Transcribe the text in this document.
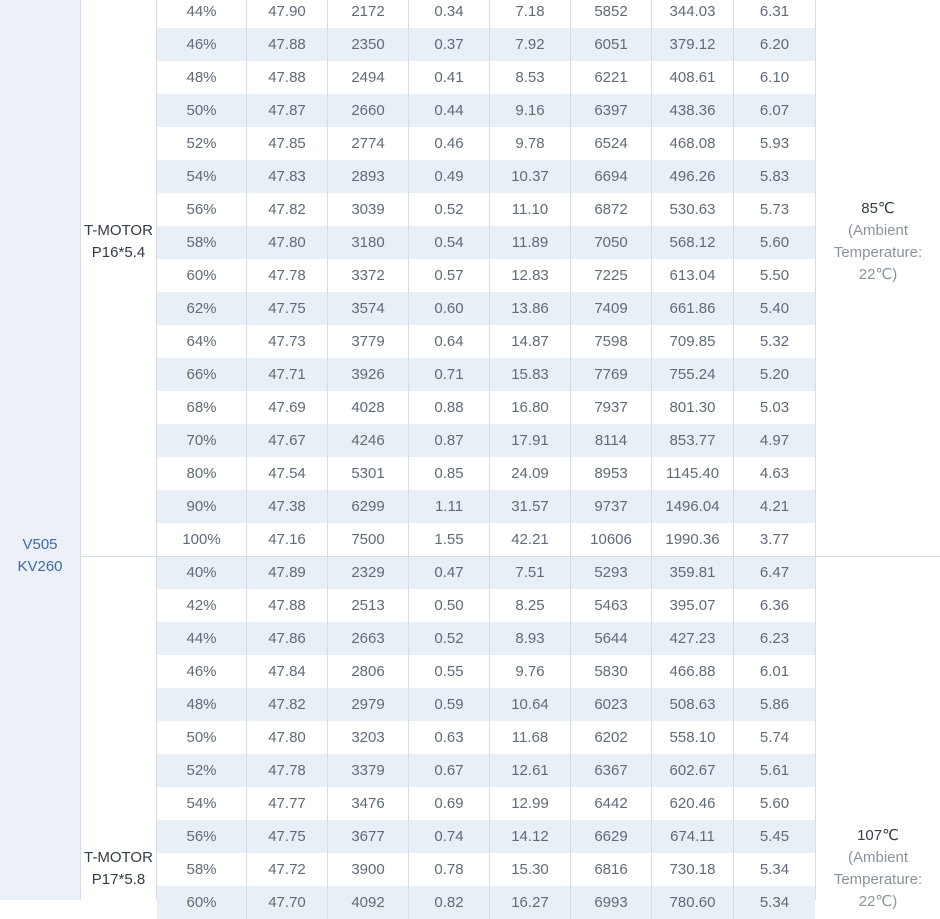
V505
KV260
T-MOTOR
P16*5.4
T-MOTOR
P17*5.8
85℃
(Ambient
Temperature:
22℃)
107℃
(Ambient
Temperature:
22℃)
44%	47.90	2172	0.34	7.18	5852	344.03	6.31
46%	47.88	2350	0.37	7.92	6051	379.12	6.20
48%	47.88	2494	0.41	8.53	6221	408.61	6.10
50%	47.87	2660	0.44	9.16	6397	438.36	6.07
52%	47.85	2774	0.46	9.78	6524	468.08	5.93
54%	47.83	2893	0.49	10.37	6694	496.26	5.83
56%	47.82	3039	0.52	11.10	6872	530.63	5.73
58%	47.80	3180	0.54	11.89	7050	568.12	5.60
60%	47.78	3372	0.57	12.83	7225	613.04	5.50
62%	47.75	3574	0.60	13.86	7409	661.86	5.40
64%	47.73	3779	0.64	14.87	7598	709.85	5.32
66%	47.71	3926	0.71	15.83	7769	755.24	5.20
68%	47.69	4028	0.88	16.80	7937	801.30	5.03
70%	47.67	4246	0.87	17.91	8114	853.77	4.97
80%	47.54	5301	0.85	24.09	8953	1145.40	4.63
90%	47.38	6299	1.11	31.57	9737	1496.04	4.21
100%	47.16	7500	1.55	42.21	10606	1990.36	3.77
40%	47.89	2329	0.47	7.51	5293	359.81	6.47
42%	47.88	2513	0.50	8.25	5463	395.07	6.36
44%	47.86	2663	0.52	8.93	5644	427.23	6.23
46%	47.84	2806	0.55	9.76	5830	466.88	6.01
48%	47.82	2979	0.59	10.64	6023	508.63	5.86
50%	47.80	3203	0.63	11.68	6202	558.10	5.74
52%	47.78	3379	0.67	12.61	6367	602.67	5.61
54%	47.77	3476	0.69	12.99	6442	620.46	5.60
56%	47.75	3677	0.74	14.12	6629	674.11	5.45
58%	47.72	3900	0.78	15.30	6816	730.18	5.34
60%	47.70	4092	0.82	16.27	6993	780.60	5.34
